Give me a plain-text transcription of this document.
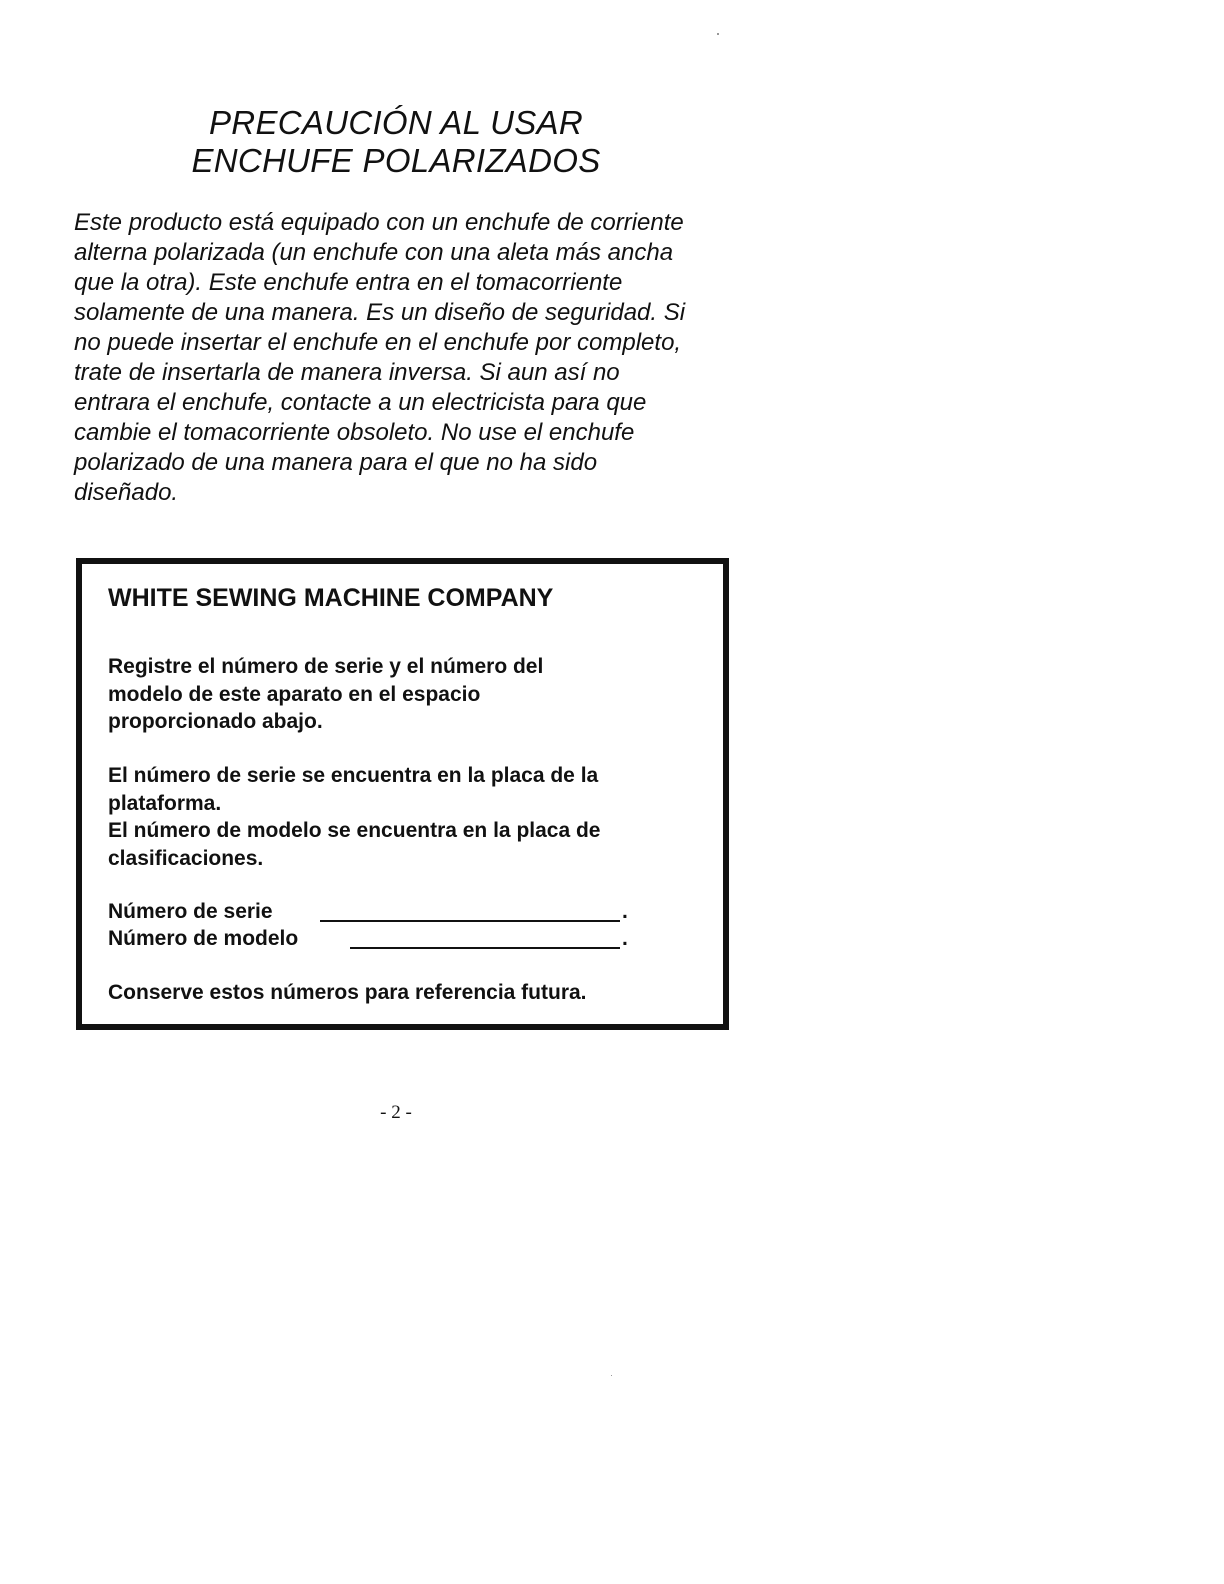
PRECAUCIÓN AL USAR
ENCHUFE POLARIZADOS

Este producto está equipado con un enchufe de corriente
alterna polarizada (un enchufe con una aleta más ancha
que la otra). Este enchufe entra en el tomacorriente
solamente de una manera. Es un diseño de seguridad. Si
no puede insertar el enchufe en el enchufe por completo,
trate de insertarla de manera inversa. Si aun así no
entrara el enchufe, contacte a un electricista para que
cambie el tomacorriente obsoleto. No use el enchufe
polarizado de una manera para el que no ha sido
diseñado.

WHITE SEWING MACHINE COMPANY

Registre el número de serie y el número del
modelo de este aparato en el espacio
proporcionado abajo.

El número de serie se encuentra en la placa de la
plataforma.

El número de modelo se encuentra en la placa de
clasificaciones.

Número de serie	.
Número de modelo	.
Conserve estos números para referencia futura.
- 2 -
